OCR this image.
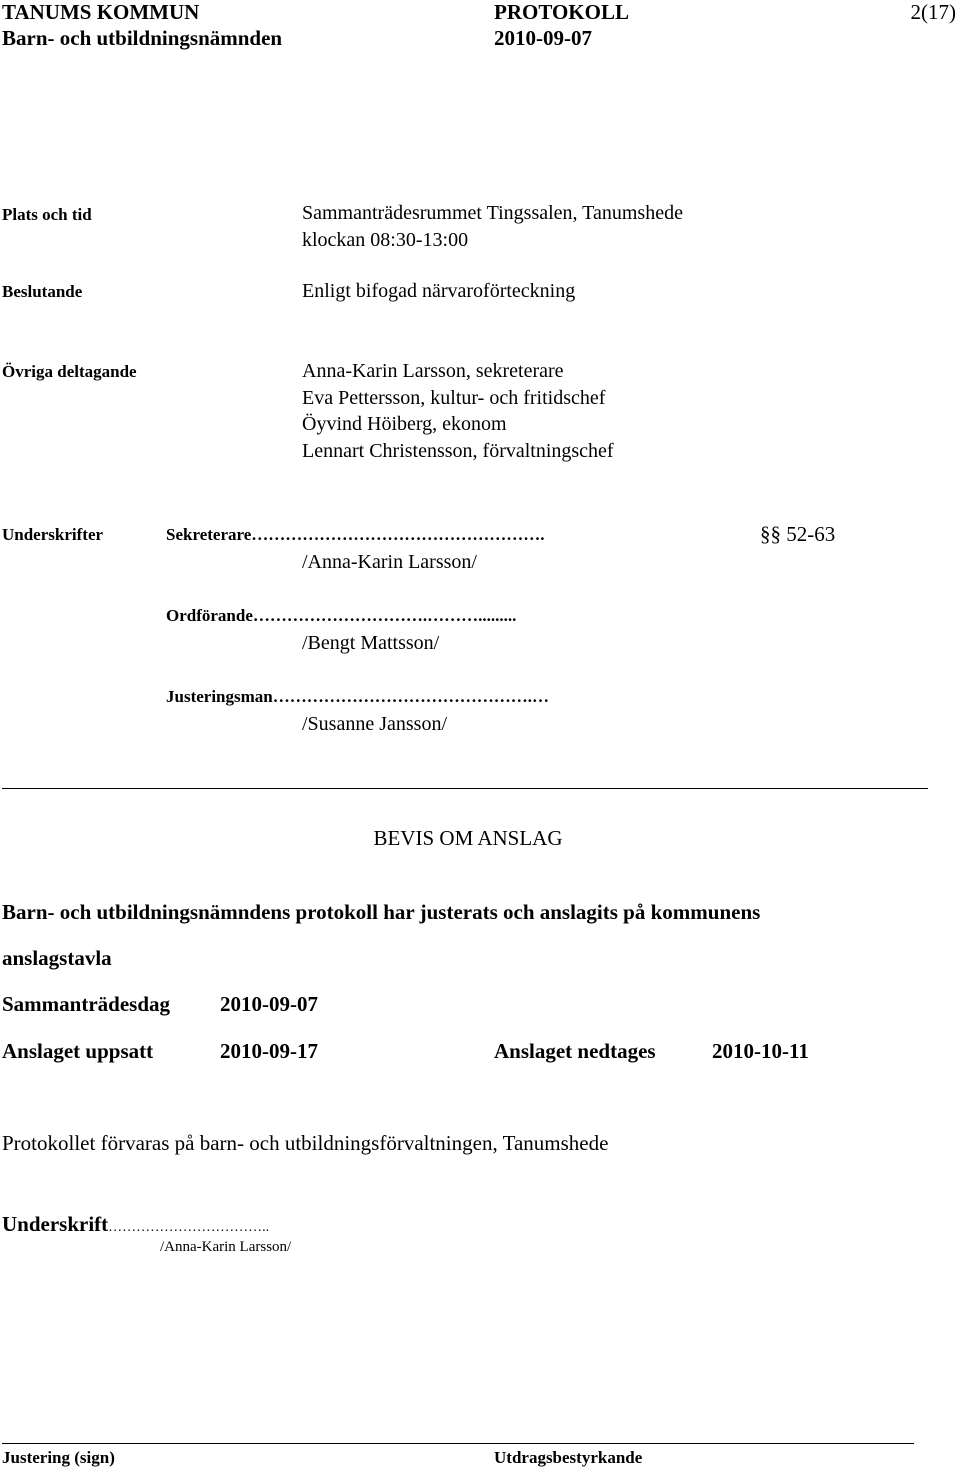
TANUMS KOMMUN
Barn- och utbildningsnämnden
PROTOKOLL
2010-09-07
2(17)
Plats och tid	Sammanträdesrummet Tingssalen, Tanumshede
klockan 08:30-13:00
Beslutande	Enligt bifogad närvaroförteckning
Övriga deltagande	Anna-Karin Larsson, sekreterare
Eva Pettersson, kultur- och fritidschef
Öyvind Höiberg, ekonom
Lennart Christensson, förvaltningschef
Underskrifter	Sekreterare…………………………………………….	§§ 52-63
/Anna-Karin Larsson/
Ordförande………………………….……….........
/Bengt Mattsson/
Justeringsman……………………………………….…
/Susanne Jansson/
BEVIS OM ANSLAG
Barn- och utbildningsnämndens protokoll har justerats och anslagits på kommunens
anslagstavla
Sammanträdesdag 2010-09-07
Anslaget uppsatt	2010-09-17	Anslaget nedtages	2010-10-11
Protokollet förvaras på barn- och utbildningsförvaltningen, Tanumshede
Underskrift……………………………..
/Anna-Karin Larsson/
Justering (sign)	Utdragsbestyrkande
